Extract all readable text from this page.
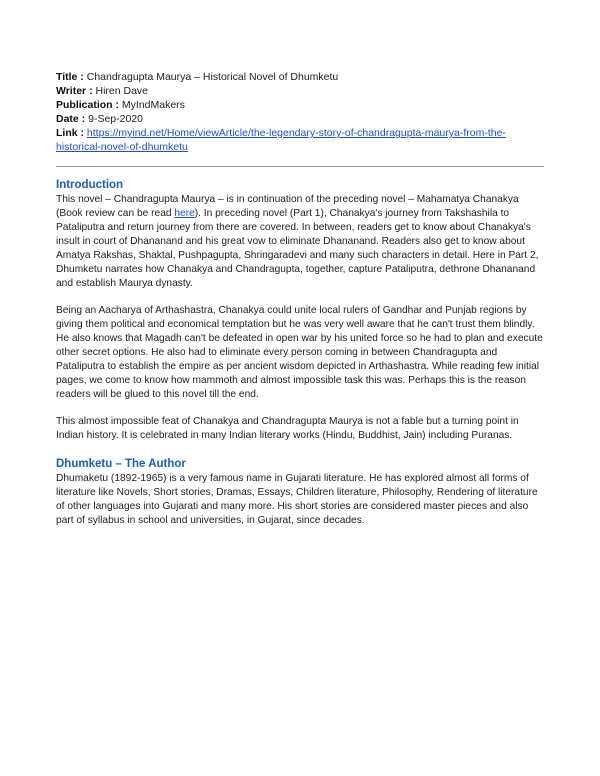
Title : Chandragupta Maurya – Historical Novel of Dhumketu
Writer : Hiren Dave
Publication : MyIndMakers
Date : 9-Sep-2020
Link : https://myind.net/Home/viewArticle/the-legendary-story-of-chandragupta-maurya-from-the-historical-novel-of-dhumketu
Introduction

This novel – Chandragupta Maurya – is in continuation of the preceding novel – Mahamatya Chanakya (Book review can be read here). In preceding novel (Part 1), Chanakya's journey from Takshashila to Pataliputra and return journey from there are covered. In between, readers get to know about Chanakya's insult in court of Dhananand and his great vow to eliminate Dhananand. Readers also get to know about Amatya Rakshas, Shaktal, Pushpagupta, Shringaradevi and many such characters in detail. Here in Part 2, Dhumketu narrates how Chanakya and Chandragupta, together, capture Pataliputra, dethrone Dhananand and establish Maurya dynasty.

Being an Aacharya of Arthashastra, Chanakya could unite local rulers of Gandhar and Punjab regions by giving them political and economical temptation but he was very well aware that he can't trust them blindly. He also knows that Magadh can't be defeated in open war by his united force so he had to plan and execute other secret options. He also had to eliminate every person coming in between Chandragupta and Pataliputra to establish the empire as per ancient wisdom depicted in Arthashastra. While reading few initial pages, we come to know how mammoth and almost impossible task this was. Perhaps this is the reason readers will be glued to this novel till the end.

This almost impossible feat of Chanakya and Chandragupta Maurya is not a fable but a turning point in Indian history. It is celebrated in many Indian literary works (Hindu, Buddhist, Jain) including Puranas.

Dhumketu – The Author

Dhumaketu (1892-1965) is a very famous name in Gujarati literature. He has explored almost all forms of literature like Novels, Short stories, Dramas, Essays, Children literature, Philosophy, Rendering of literature of other languages into Gujarati and many more. His short stories are considered master pieces and also part of syllabus in school and universities, in Gujarat, since decades.
